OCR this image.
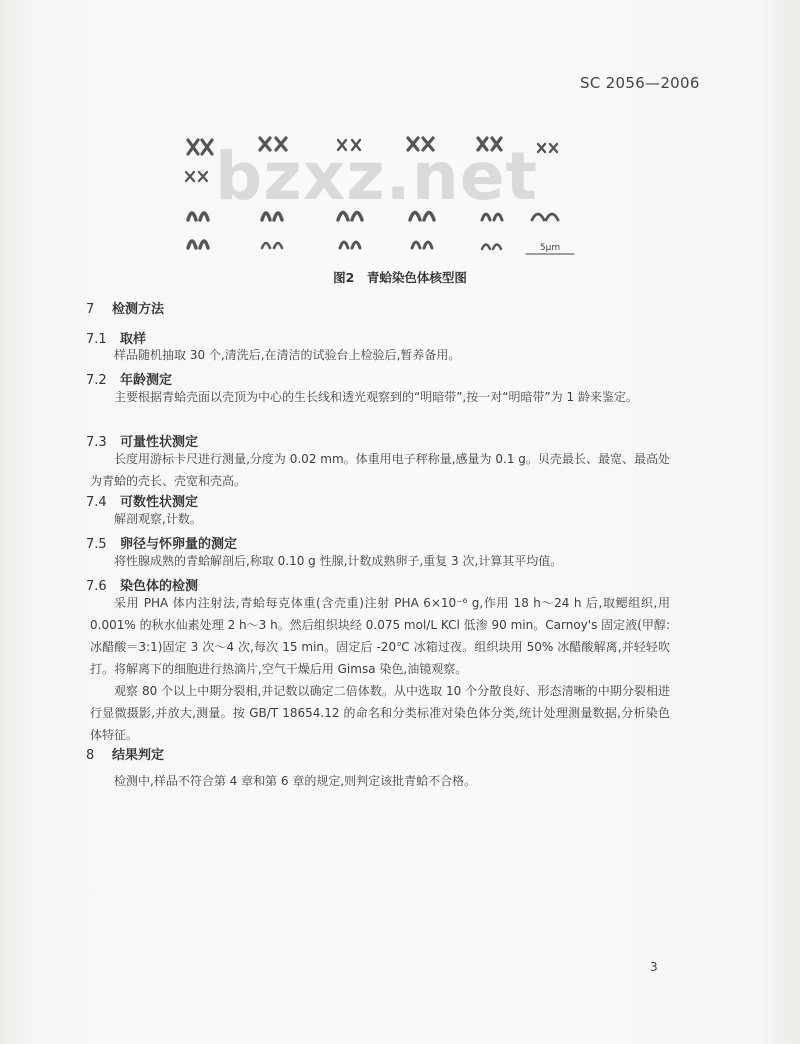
SC 2056—2006
5μm
bzxz.net
图2　青蛤染色体核型图
7 检测方法
7.1 取样
样品随机抽取 30 个,清洗后,在清洁的试验台上检验后,暂养备用。
7.2 年龄测定
主要根据青蛤壳面以壳顶为中心的生长线和透光观察到的“明暗带”,按一对“明暗带”为 1 龄来鉴定。
7.3 可量性状测定
长度用游标卡尺进行测量,分度为 0.02 mm。体重用电子秤称量,感量为 0.1 g。贝壳最长、最宽、最高处为青蛤的壳长、壳宽和壳高。
7.4 可数性状测定
解剖观察,计数。
7.5 卵径与怀卵量的测定
将性腺成熟的青蛤解剖后,称取 0.10 g 性腺,计数成熟卵子,重复 3 次,计算其平均值。
7.6 染色体的检测
采用 PHA 体内注射法,青蛤每克体重(含壳重)注射 PHA 6×10⁻⁶ g,作用 18 h～24 h 后,取鳃组织,用 0.001% 的秋水仙素处理 2 h～3 h。然后组织块经 0.075 mol/L KCl 低渗 90 min。Carnoy's 固定液(甲醇:冰醋酸＝3:1)固定 3 次～4 次,每次 15 min。固定后 -20℃ 冰箱过夜。组织块用 50% 冰醋酸解离,并轻轻吹打。将解离下的细胞进行热滴片,空气干燥后用 Gimsa 染色,油镜观察。
观察 80 个以上中期分裂相,并记数以确定二倍体数。从中选取 10 个分散良好、形态清晰的中期分裂相进行显微摄影,并放大,测量。按 GB/T 18654.12 的命名和分类标准对染色体分类,统计处理测量数据,分析染色体特征。
8 结果判定
检测中,样品不符合第 4 章和第 6 章的规定,则判定该批青蛤不合格。
3
